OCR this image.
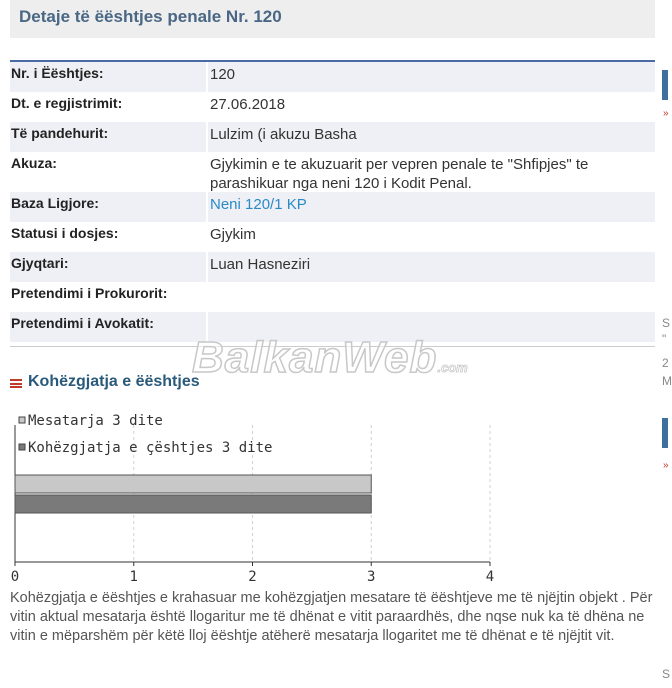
Detaje të ëështjes penale Nr. 120
Nr. i Ëështjes:	120
Dt. e regjistrimit:	27.06.2018
Të pandehurit:	Lulzim (i akuzu Basha
Akuza:	Gjykimin e te akuzuarit per vepren penale te "Shfipjes" te parashikuar nga neni 120 i Kodit Penal.
Baza Ligjore:	Neni 120/1 KP
Statusi i dosjes:	Gjykim
Gjyqtari:	Luan Hasneziri
Pretendimi i Prokurorit:
Pretendimi i Avokatit:
BalkanWeb.com
Kohëzgjatja e ëështjes
0	1	2	3	4
Mesatarja 3 dite
Kohëzgjatja e çështjes 3 dite
Kohëzgjatja e ëështjes e krahasuar me kohëzgjatjen mesatare të ëështjeve me të njëjtin objekt . Për vitin aktual mesatarja është llogaritur me të dhënat e vitit paraardhës, dhe nqse nuk ka të dhëna ne vitin e mëparshëm për këtë lloj ëështje atëherë mesatarja llogaritet me të dhënat e të njëjtit vit.
»
S
"
2
M
»
S
